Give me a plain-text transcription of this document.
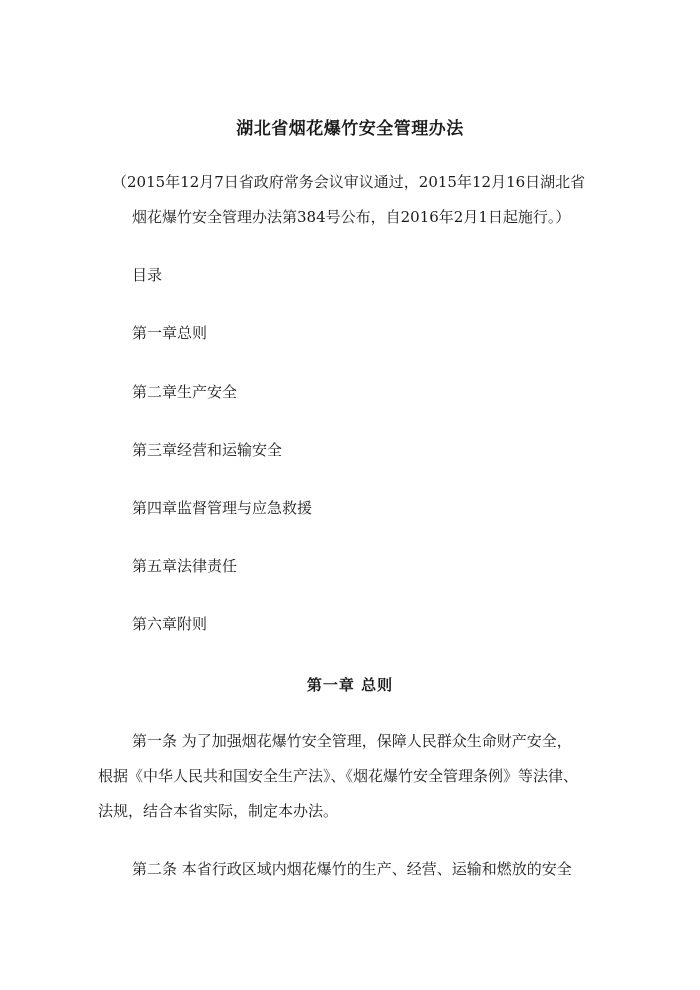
湖北省烟花爆竹安全管理办法
（2015年12月7日省政府常务会议审议通过，2015年12月16日湖北省
烟花爆竹安全管理办法第384号公布，自2016年2月1日起施行。）
目录
第一章总则
第二章生产安全
第三章经营和运输安全
第四章监督管理与应急救援
第五章法律责任
第六章附则
第一章 总则
第一条 为了加强烟花爆竹安全管理，保障人民群众生命财产安全，
根据《中华人民共和国安全生产法》、《烟花爆竹安全管理条例》等法律、
法规，结合本省实际，制定本办法。
第二条 本省行政区域内烟花爆竹的生产、经营、运输和燃放的安全
